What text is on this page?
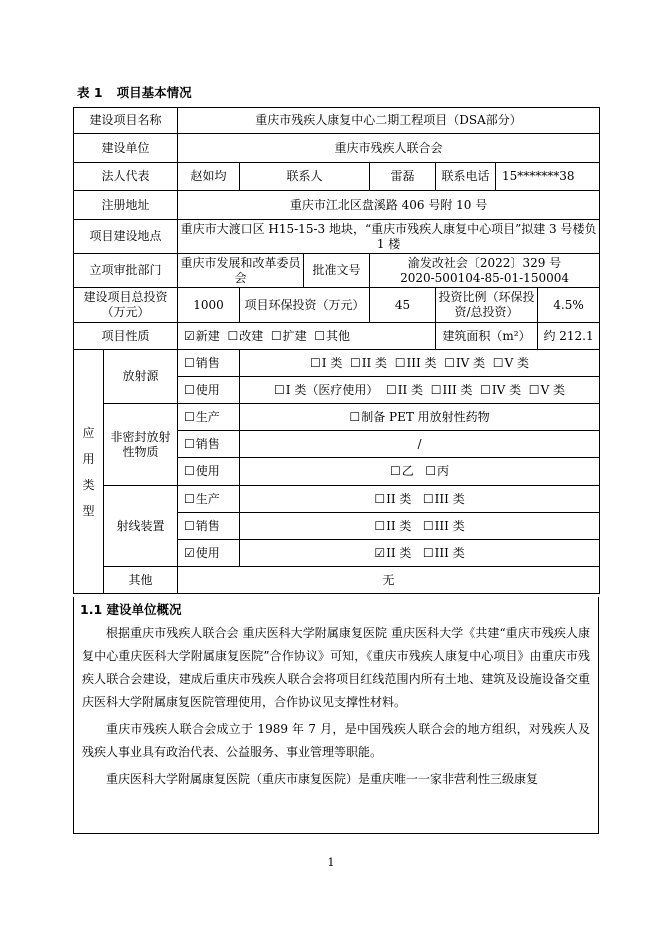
表 1 项目基本情况
建设项目名称		重庆市残疾人康复中心二期工程项目（DSA部分）						
建设单位		重庆市残疾人联合会						
法人代表		赵如均	联系人		雷磊	联系电话	15*******38	
注册地址		重庆市江北区盘溪路 406 号附 10 号						
项目建设地点		重庆市大渡口区 H15-15-3 地块，“重庆市残疾人康复中心项目”拟建 3 号楼负 1 楼						
立项审批部门		重庆市发展和改革委员会		批准文号	渝发改社会〔2022〕329 号
2020-500104-85-01-150004			

建设项目总投资（万元）		1000	项目环保投资（万元）		45	投资比例（环保投资/总投资）		4.5%
项目性质		☑新建 ☐改建 ☐扩建 ☐其他				建筑面积（m²）		约 212.1

应
用
类
型	放射源	☐销售	☐I 类 ☐II 类 ☐III 类 ☐IV 类 ☐V 类					
		☐使用	☐I 类（医疗使用） ☐II 类 ☐III 类 ☐IV 类 ☐V 类					
	非密封放射性物质	☐生产	☐制备 PET 用放射性药物					
		☐销售	/					
		☐使用	☐乙 ☐丙					
	射线装置	☐生产	☐II 类 ☐III 类					
		☐销售	☐II 类 ☐III 类					
		☑使用	☑II 类 ☐III 类					
	其他	无						
1.1 建设单位概况

根据重庆市残疾人联合会 重庆医科大学附属康复医院 重庆医科大学《共建“重庆市残疾人康复中心重庆医科大学附属康复医院”合作协议》可知，《重庆市残疾人康复中心项目》由重庆市残疾人联合会建设，建成后重庆市残疾人联合会将项目红线范围内所有土地、建筑及设施设备交重庆医科大学附属康复医院管理使用，合作协议见支撑性材料。

重庆市残疾人联合会成立于 1989 年 7 月，是中国残疾人联合会的地方组织，对残疾人及残疾人事业具有政治代表、公益服务、事业管理等职能。

重庆医科大学附属康复医院（重庆市康复医院）是重庆唯一一家非营利性三级康复

1
